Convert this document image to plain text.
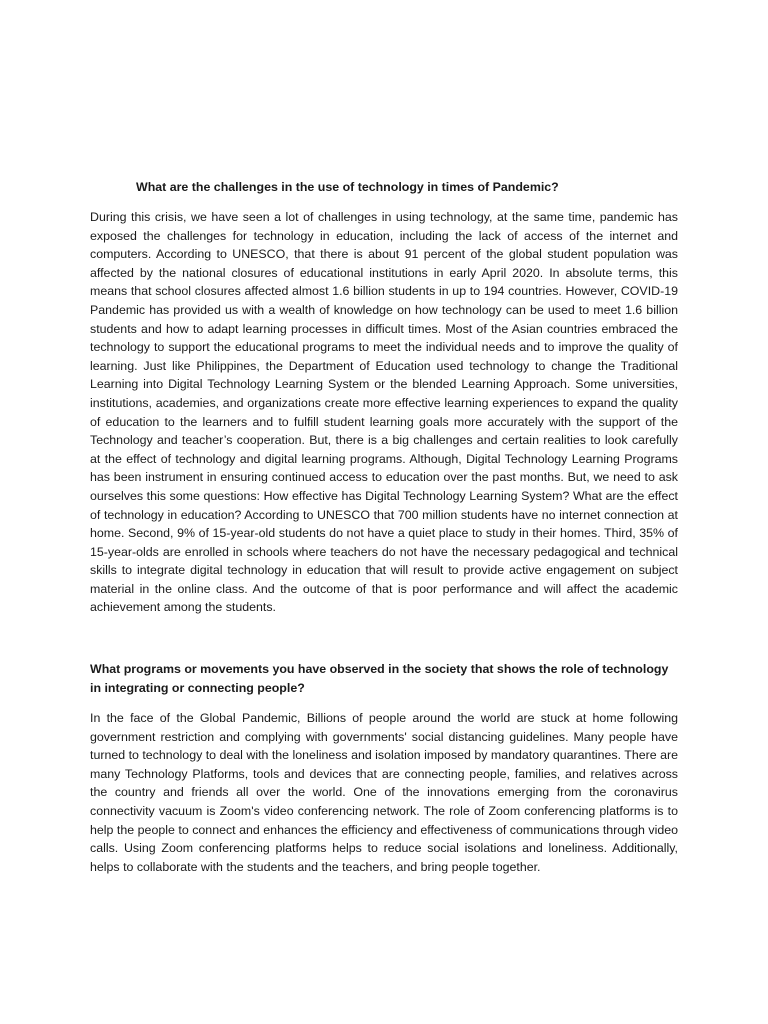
What are the challenges in the use of technology in times of Pandemic?

During this crisis, we have seen a lot of challenges in using technology, at the same time, pandemic has exposed the challenges for technology in education, including the lack of access of the internet and computers. According to UNESCO, that there is about 91 percent of the global student population was affected by the national closures of educational institutions in early April 2020. In absolute terms, this means that school closures affected almost 1.6 billion students in up to 194 countries. However, COVID-19 Pandemic has provided us with a wealth of knowledge on how technology can be used to meet 1.6 billion students and how to adapt learning processes in difficult times. Most of the Asian countries embraced the technology to support the educational programs to meet the individual needs and to improve the quality of learning. Just like Philippines, the Department of Education used technology to change the Traditional Learning into Digital Technology Learning System or the blended Learning Approach. Some universities, institutions, academies, and organizations create more effective learning experiences to expand the quality of education to the learners and to fulfill student learning goals more accurately with the support of the Technology and teacher’s cooperation. But, there is a big challenges and certain realities to look carefully at the effect of technology and digital learning programs. Although, Digital Technology Learning Programs has been instrument in ensuring continued access to education over the past months. But, we need to ask ourselves this some questions: How effective has Digital Technology Learning System? What are the effect of technology in education? According to UNESCO that 700 million students have no internet connection at home. Second, 9% of 15-year-old students do not have a quiet place to study in their homes. Third, 35% of 15-year-olds are enrolled in schools where teachers do not have the necessary pedagogical and technical skills to integrate digital technology in education that will result to provide active engagement on subject material in the online class. And the outcome of that is poor performance and will affect the academic achievement among the students.

What programs or movements you have observed in the society that shows the role of technology in integrating or connecting people?

In the face of the Global Pandemic, Billions of people around the world are stuck at home following government restriction and complying with governments' social distancing guidelines. Many people have turned to technology to deal with the loneliness and isolation imposed by mandatory quarantines. There are many Technology Platforms, tools and devices that are connecting people, families, and relatives across the country and friends all over the world. One of the innovations emerging from the coronavirus connectivity vacuum is Zoom's video conferencing network. The role of Zoom conferencing platforms is to help the people to connect and enhances the efficiency and effectiveness of communications through video calls. Using Zoom conferencing platforms helps to reduce social isolations and loneliness. Additionally, helps to collaborate with the students and the teachers, and bring people together.
